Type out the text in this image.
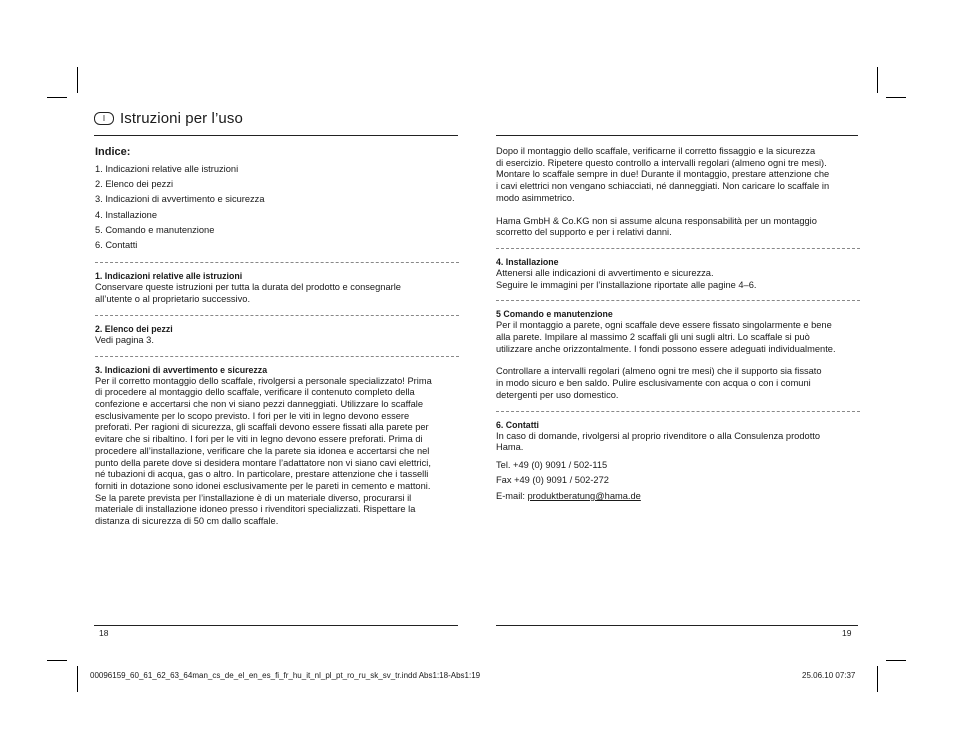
I Istruzioni per l’uso
Indice:
1. Indicazioni relative alle istruzioni
2. Elenco dei pezzi
3. Indicazioni di avvertimento e sicurezza
4. Installazione
5. Comando e manutenzione
6. Contatti
1. Indicazioni relative alle istruzioni

Conservare queste istruzioni per tutta la durata del prodotto e consegnarle

all’utente o al proprietario successivo.

2. Elenco dei pezzi

Vedi pagina 3.

3. Indicazioni di avvertimento e sicurezza

Per il corretto montaggio dello scaffale, rivolgersi a personale specializzato! Prima

di procedere al montaggio dello scaffale, verificare il contenuto completo della

confezione e accertarsi che non vi siano pezzi danneggiati. Utilizzare lo scaffale

esclusivamente per lo scopo previsto. I fori per le viti in legno devono essere

preforati. Per ragioni di sicurezza, gli scaffali devono essere fissati alla parete per

evitare che si ribaltino. I fori per le viti in legno devono essere preforati. Prima di

procedere all’installazione, verificare che la parete sia idonea e accertarsi che nel

punto della parete dove si desidera montare l’adattatore non vi siano cavi elettrici,

né tubazioni di acqua, gas o altro. In particolare, prestare attenzione che i tasselli

forniti in dotazione sono idonei esclusivamente per le pareti in cemento e mattoni.

Se la parete prevista per l’installazione è di un materiale diverso, procurarsi il

materiale di installazione idoneo presso i rivenditori specializzati. Rispettare la

distanza di sicurezza di 50 cm dallo scaffale.

Dopo il montaggio dello scaffale, verificarne il corretto fissaggio e la sicurezza

di esercizio. Ripetere questo controllo a intervalli regolari (almeno ogni tre mesi).

Montare lo scaffale sempre in due! Durante il montaggio, prestare attenzione che

i cavi elettrici non vengano schiacciati, né danneggiati. Non caricare lo scaffale in

modo asimmetrico.

Hama GmbH & Co.KG non si assume alcuna responsabilità per un montaggio

scorretto del supporto e per i relativi danni.

4. Installazione

Attenersi alle indicazioni di avvertimento e sicurezza.

Seguire le immagini per l’installazione riportate alle pagine 4–6.

5 Comando e manutenzione

Per il montaggio a parete, ogni scaffale deve essere fissato singolarmente e bene

alla parete. Impilare al massimo 2 scaffali gli uni sugli altri. Lo scaffale si può

utilizzare anche orizzontalmente. I fondi possono essere adeguati individualmente.

Controllare a intervalli regolari (almeno ogni tre mesi) che il supporto sia fissato

in modo sicuro e ben saldo. Pulire esclusivamente con acqua o con i comuni

detergenti per uso domestico.

6. Contatti

In caso di domande, rivolgersi al proprio rivenditore o alla Consulenza prodotto

Hama.

Tel. +49 (0) 9091 / 502-115

Fax +49 (0) 9091 / 502-272

E-mail: produktberatung@hama.de

18	19
00096159_60_61_62_63_64man_cs_de_el_en_es_fi_fr_hu_it_nl_pl_pt_ro_ru_sk_sv_tr.indd Abs1:18-Abs1:19	25.06.10 07:37
